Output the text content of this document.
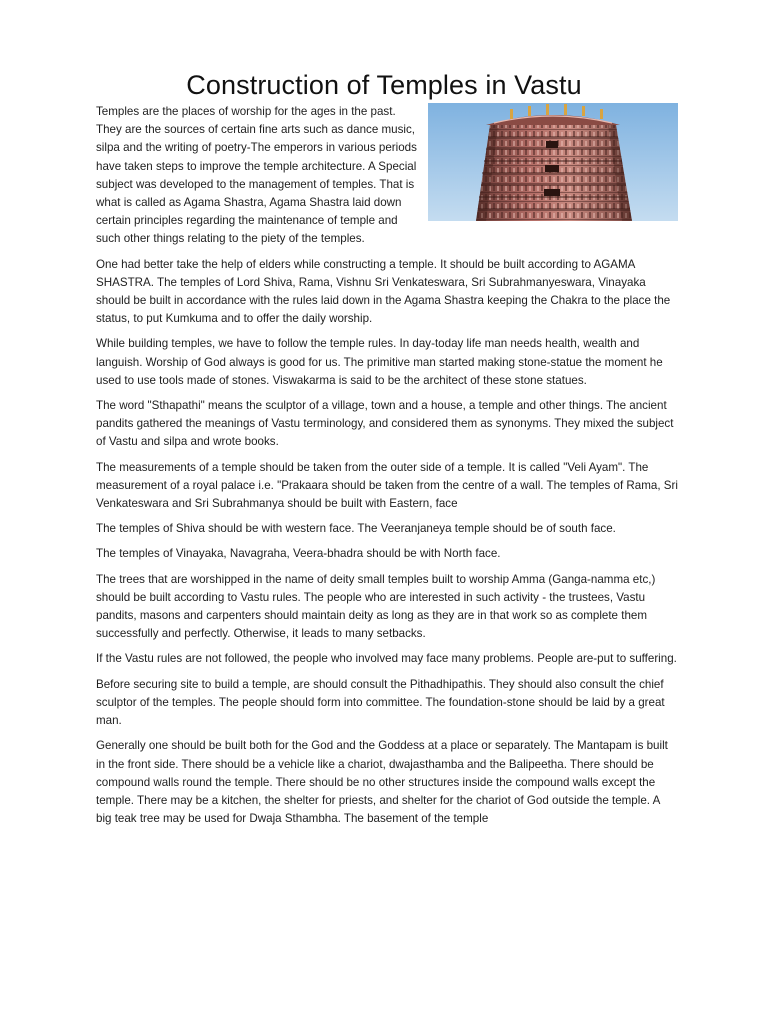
Construction of Temples in Vastu

Temples are the places of worship for the ages in the past. They are the sources of certain fine arts such as dance music, silpa and the writing of poetry-The emperors in various periods have taken steps to improve the temple architecture. A Special subject was developed to the management of temples. That is what is called as Agama Shastra, Agama Shastra laid down certain principles regarding the maintenance of temple and such other things relating to the piety of the temples.

One had better take the help of elders while constructing a temple. It should be built according to AGAMA SHASTRA. The temples of Lord Shiva, Rama, Vishnu Sri Venkateswara, Sri Subrahmanyeswara, Vinayaka should be built in accordance with the rules laid down in the Agama Shastra keeping the Chakra to the place the status, to put Kumkuma and to offer the daily worship.

While building temples, we have to follow the temple rules. In day-today life man needs health, wealth and languish. Worship of God always is good for us. The primitive man started making stone-statue the moment he used to use tools made of stones. Viswakarma is said to be the architect of these stone statues.

The word "Sthapathi" means the sculptor of a village, town and a house, a temple and other things. The ancient pandits gathered the meanings of Vastu terminology, and considered them as synonyms. They mixed the subject of Vastu and silpa and wrote books.

The measurements of a temple should be taken from the outer side of a temple. It is called "Veli Ayam". The measurement of a royal palace i.e. "Prakaara should be taken from the centre of a wall. The temples of Rama, Sri Venkateswara and Sri Subrahmanya should be built with Eastern, face

The temples of Shiva should be with western face. The Veeranjaneya temple should be of south face.

The temples of Vinayaka, Navagraha, Veera-bhadra should be with North face.

The trees that are worshipped in the name of deity small temples built to worship Amma (Ganga-namma etc,) should be built according to Vastu rules. The people who are interested in such activity - the trustees, Vastu pandits, masons and carpenters should maintain deity as long as they are in that work so as complete them successfully and perfectly. Otherwise, it leads to many setbacks.

If the Vastu rules are not followed, the people who involved may face many problems. People are-put to suffering.

Before securing site to build a temple, are should consult the Pithadhipathis. They should also consult the chief sculptor of the temples. The people should form into committee. The foundation-stone should be laid by a great man.

Generally one should be built both for the God and the Goddess at a place or separately. The Mantapam is built in the front side. There should be a vehicle like a chariot, dwajasthamba and the Balipeetha. There should be compound walls round the temple. There should be no other structures inside the compound walls except the temple. There may be a kitchen, the shelter for priests, and shelter for the chariot of God outside the temple. A big teak tree may be used for Dwaja Sthambha. The basement of the temple
